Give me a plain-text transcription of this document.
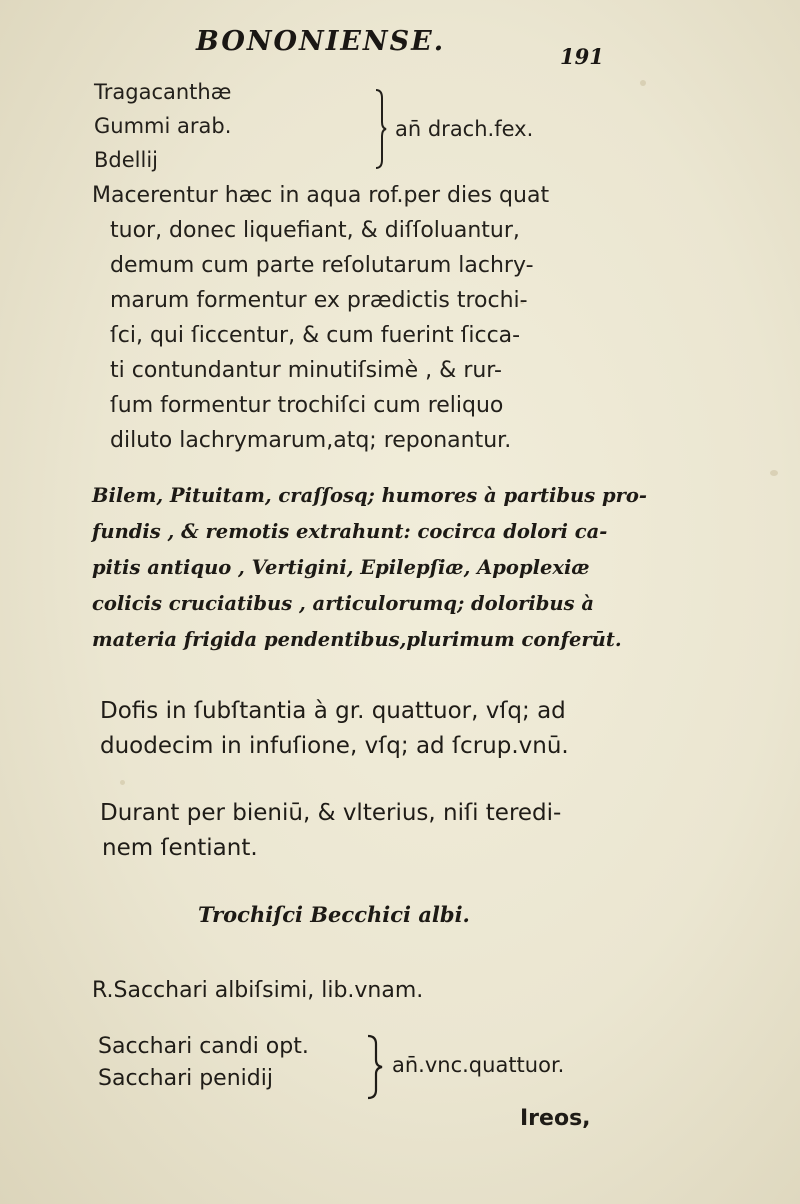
BONONIENSE.	191
Tragacanthæ
Gummi arab.
Bdellij
an̄ drach.fex.
Macerentur hæc in aqua rof.per dies quat
tuor, donec liquefiant, & diſſoluantur,
demum cum parte reſolutarum lachry-
marum formentur ex prædictis trochi-
ſci, qui ſiccentur, & cum fuerint ſicca-
ti contundantur minutiſsimè , & rur-
ſum formentur trochiſci cum reliquo
diluto lachrymarum,atq; reponantur.
Bilem, Pituitam, craſſosq; humores à partibus pro-
fundis , & remotis extrahunt: cocirca dolori ca-
pitis antiquo , Vertigini, Epilepſiæ, Apoplexiæ
colicis cruciatibus , articulorumq; doloribus à
materia frigida pendentibus,plurimum conferūt.
Dofis in ſubſtantia à gr. quattuor, vſq; ad
duodecim in infuſione, vſq; ad ſcrup.vnū.
Durant per bieniū, & vlterius, niſi teredi-
nem ſentiant.
Trochiſci Becchici albi.
R.Sacchari albiſsimi, lib.vnam.
Sacchari candi opt.
Sacchari penidij
an̄.vnc.quattuor.
Ireos,
